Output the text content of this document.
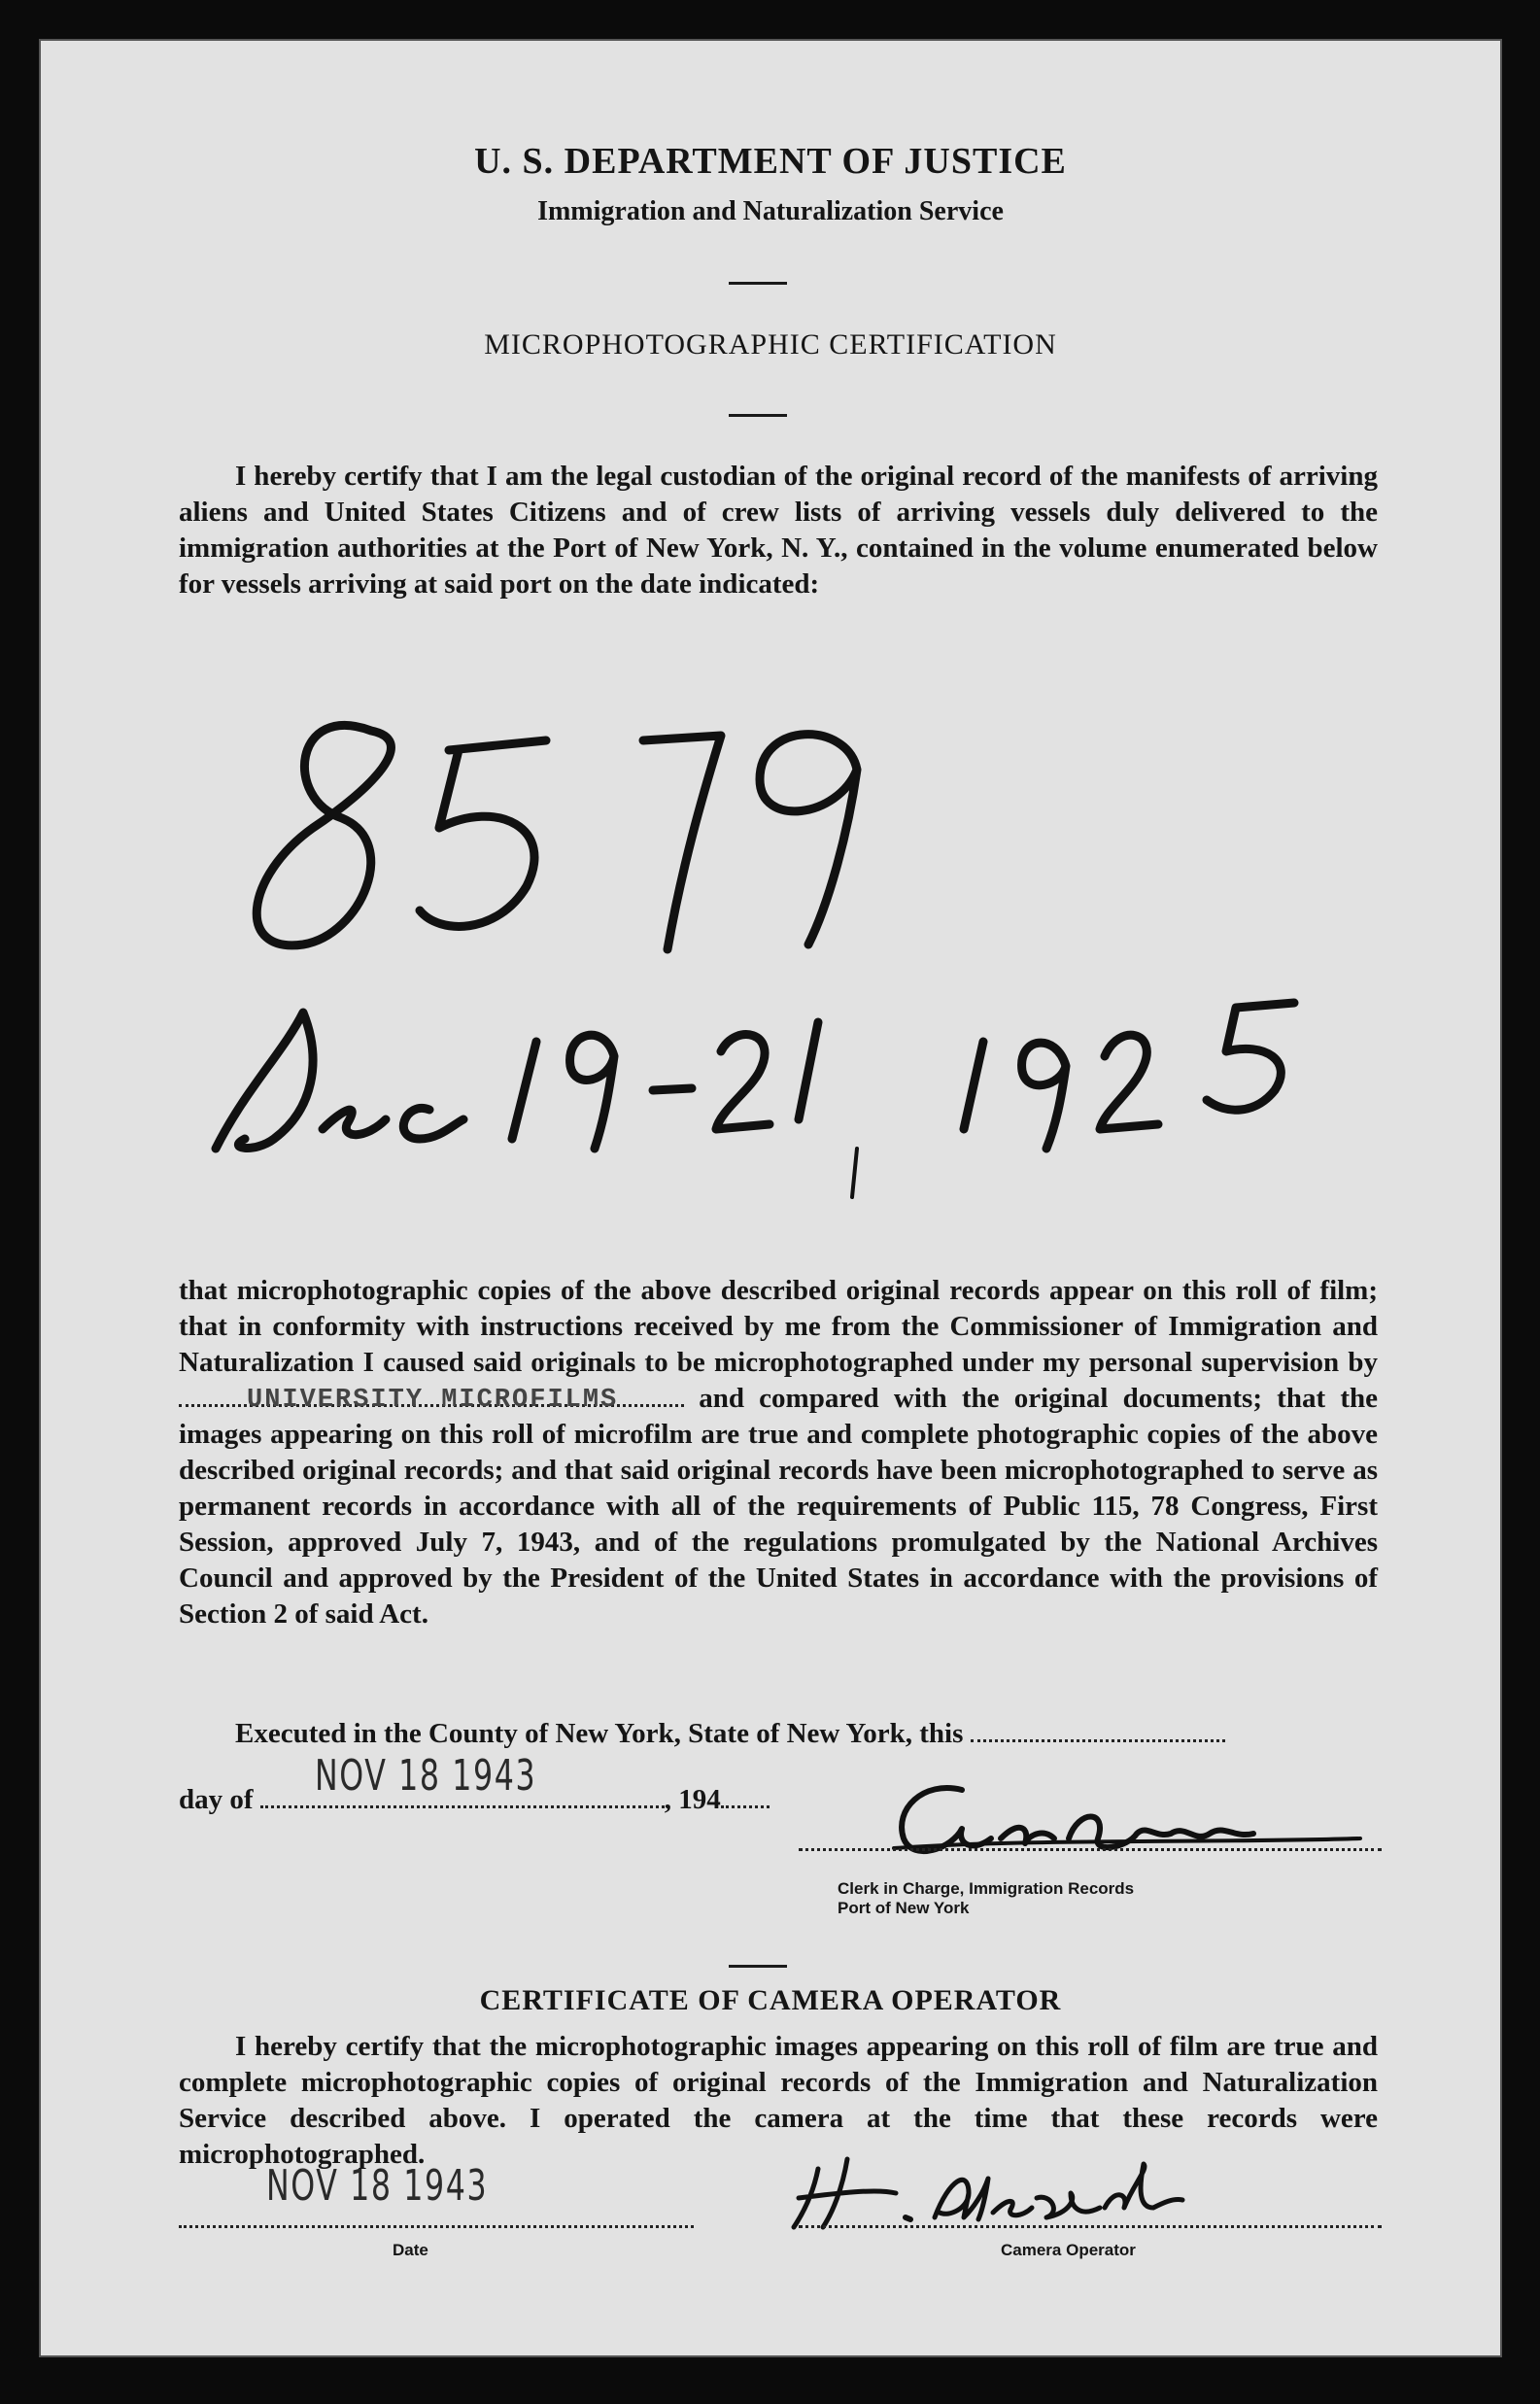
U. S. DEPARTMENT OF JUSTICE
Immigration and Naturalization Service
MICROPHOTOGRAPHIC CERTIFICATION
I hereby certify that I am the legal custodian of the original record of the manifests of arriving aliens and United States Citizens and of crew lists of arriving vessels duly delivered to the immigration authorities at the Port of New York, N. Y., contained in the volume enumerated below for vessels arriving at said port on the date indicated:
that microphotographic copies of the above described original records appear on this roll of film; that in conformity with instructions received by me from the Commissioner of Immigration and Naturalization I caused said originals to be microphotographed under my personal supervision by
UNIVERSITY MICROFILMS	and compared with the original documents; that the images appearing on this roll of microfilm are true and complete photographic copies of the above described original records; and that said original records have been microphotographed to serve as permanent records in accordance with all of the requirements of Public 115, 78 Congress, First Session, approved July 7, 1943, and of the regulations promulgated by the National Archives Council and approved by the President of the United States in accordance with the provisions of Section 2 of said Act.
Executed in the County of New York, State of New York, this
day of	, 194
NOV 18 1943	Geo. Hessner
Clerk in Charge, Immigration Records
Port of New York
CERTIFICATE OF CAMERA OPERATOR
I hereby certify that the microphotographic images appearing on this roll of film are true and complete microphotographic copies of original records of the Immigration and Naturalization Service described above. I operated the camera at the time that these records were microphotographed.
NOV 18 1943
Date
H. Alexander
Camera Operator
